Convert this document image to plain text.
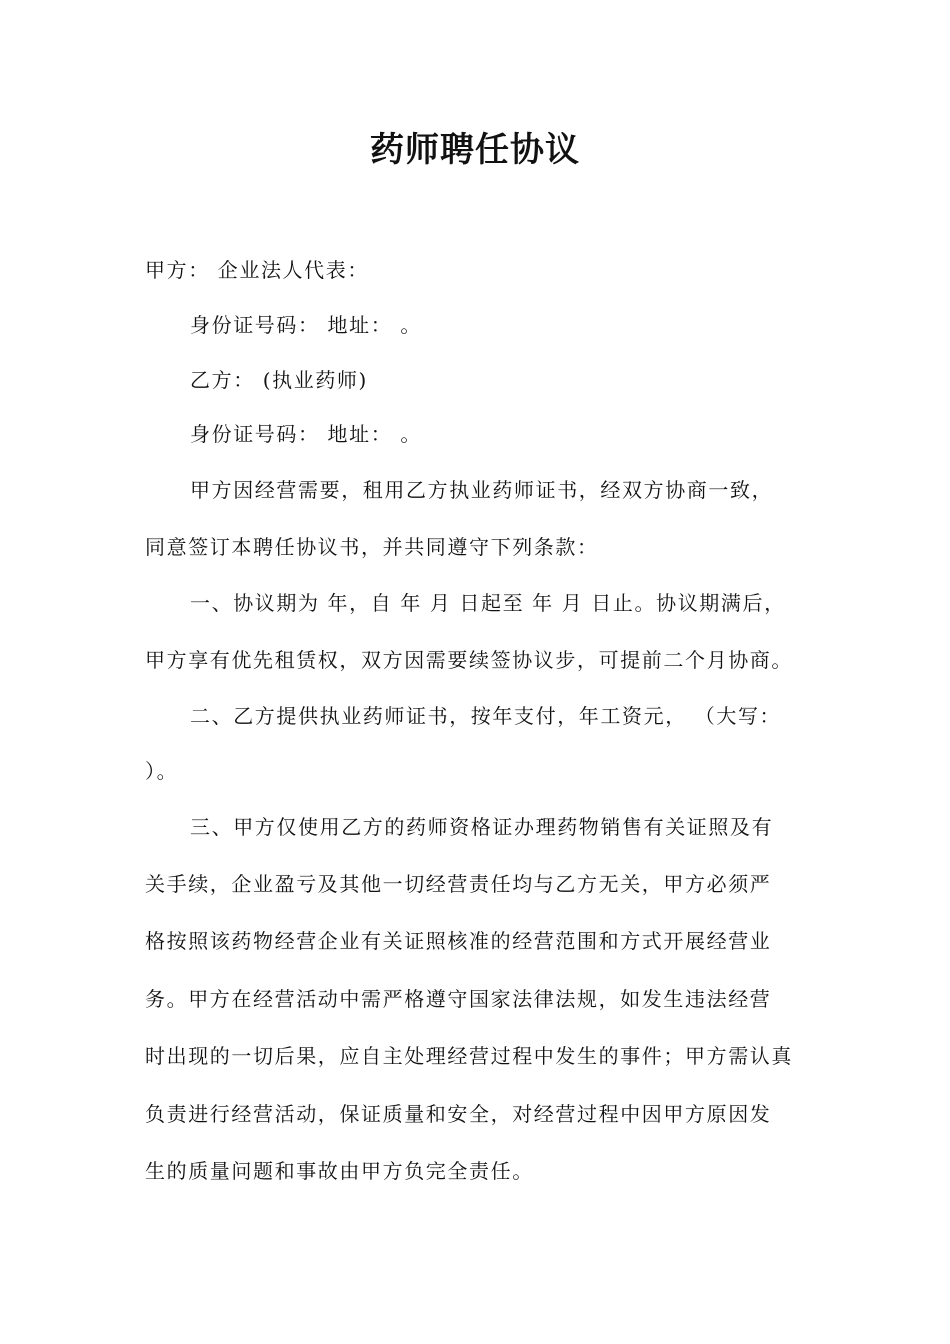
药师聘任协议
甲方： 企业法人代表：
身份证号码： 地址： 。
乙方： (执业药师)
身份证号码： 地址： 。
甲方因经营需要，租用乙方执业药师证书，经双方协商一致，
同意签订本聘任协议书，并共同遵守下列条款：
一、协议期为 年，自 年 月 日起至 年 月 日止。协议期满后，
甲方享有优先租赁权，双方因需要续签协议步，可提前二个月协商。
二、乙方提供执业药师证书，按年支付，年工资元， （大写：
）。
三、甲方仅使用乙方的药师资格证办理药物销售有关证照及有
关手续，企业盈亏及其他一切经营责任均与乙方无关，甲方必须严
格按照该药物经营企业有关证照核准的经营范围和方式开展经营业
务。甲方在经营活动中需严格遵守国家法律法规，如发生违法经营
时出现的一切后果，应自主处理经营过程中发生的事件；甲方需认真
负责进行经营活动，保证质量和安全，对经营过程中因甲方原因发
生的质量问题和事故由甲方负完全责任。
